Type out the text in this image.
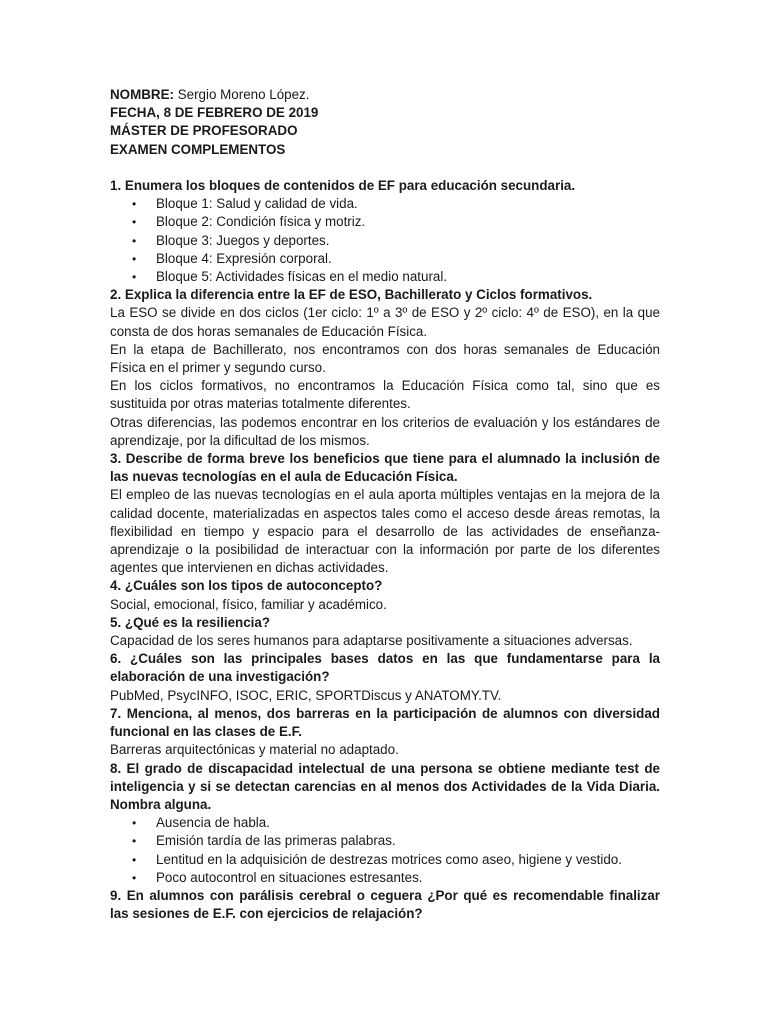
NOMBRE: Sergio Moreno López.

FECHA, 8 DE FEBRERO DE 2019

MÁSTER DE PROFESORADO

EXAMEN COMPLEMENTOS

1. Enumera los bloques de contenidos de EF para educación secundaria.

• Bloque 1: Salud y calidad de vida.
• Bloque 2: Condición física y motriz.
• Bloque 3: Juegos y deportes.
• Bloque 4: Expresión corporal.
• Bloque 5: Actividades físicas en el medio natural.

2. Explica la diferencia entre la EF de ESO, Bachillerato y Ciclos formativos.

La ESO se divide en dos ciclos (1er ciclo: 1º a 3º de ESO y 2º ciclo: 4º de ESO), en la que consta de dos horas semanales de Educación Física.

En la etapa de Bachillerato, nos encontramos con dos horas semanales de Educación Física en el primer y segundo curso.

En los ciclos formativos, no encontramos la Educación Física como tal, sino que es sustituida por otras materias totalmente diferentes.

Otras diferencias, las podemos encontrar en los criterios de evaluación y los estándares de aprendizaje, por la dificultad de los mismos.

3. Describe de forma breve los beneficios que tiene para el alumnado la inclusión de las nuevas tecnologías en el aula de Educación Física.

El empleo de las nuevas tecnologías en el aula aporta múltiples ventajas en la mejora de la calidad docente, materializadas en aspectos tales como el acceso desde áreas remotas, la flexibilidad en tiempo y espacio para el desarrollo de las actividades de enseñanza-aprendizaje o la posibilidad de interactuar con la información por parte de los diferentes agentes que intervienen en dichas actividades.

4. ¿Cuáles son los tipos de autoconcepto?

Social, emocional, físico, familiar y académico.

5. ¿Qué es la resiliencia?

Capacidad de los seres humanos para adaptarse positivamente a situaciones adversas.

6. ¿Cuáles son las principales bases datos en las que fundamentarse para la elaboración de una investigación?

PubMed, PsycINFO, ISOC, ERIC, SPORTDiscus y ANATOMY.TV.

7. Menciona, al menos, dos barreras en la participación de alumnos con diversidad funcional en las clases de E.F.

Barreras arquitectónicas y material no adaptado.

8. El grado de discapacidad intelectual de una persona se obtiene mediante test de inteligencia y si se detectan carencias en al menos dos Actividades de la Vida Diaria. Nombra alguna.

• Ausencia de habla.
• Emisión tardía de las primeras palabras.
• Lentitud en la adquisición de destrezas motrices como aseo, higiene y vestido.
• Poco autocontrol en situaciones estresantes.

9. En alumnos con parálisis cerebral o ceguera ¿Por qué es recomendable finalizar las sesiones de E.F. con ejercicios de relajación?
